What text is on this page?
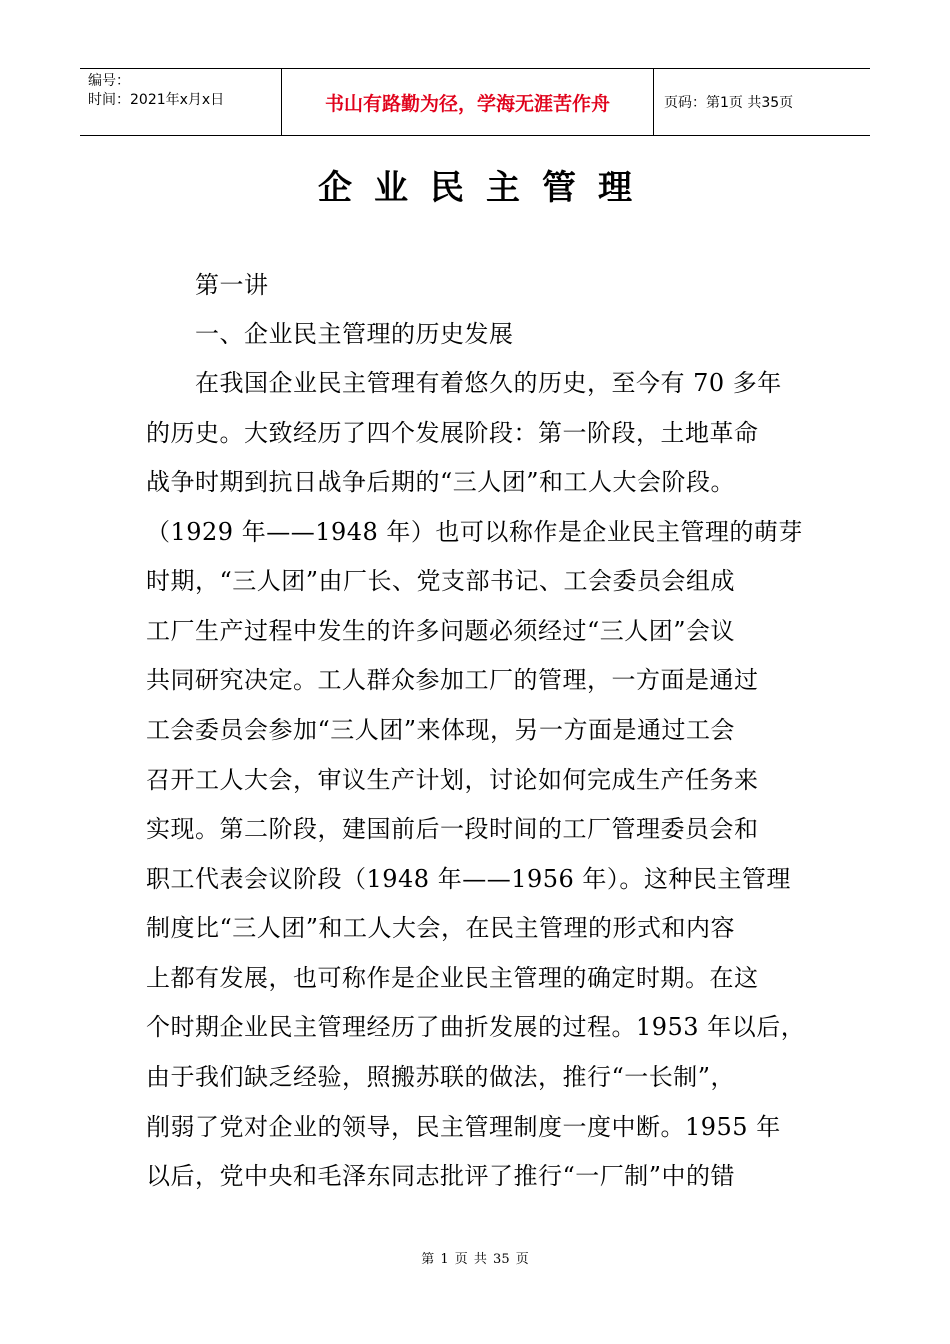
编号：
时间：2021年x月x日	书山有路勤为径，学海无涯苦作舟	页码：第1页 共35页
企业民主管理
第一讲
一、企业民主管理的历史发展
在我国企业民主管理有着悠久的历史，至今有 70 多年
的历史。大致经历了四个发展阶段：第一阶段，土地革命
战争时期到抗日战争后期的“三人团”和工人大会阶段。
（1929 年——1948 年）也可以称作是企业民主管理的萌芽
时期，“三人团”由厂长、党支部书记、工会委员会组成
工厂生产过程中发生的许多问题必须经过“三人团”会议
共同研究决定。工人群众参加工厂的管理，一方面是通过
工会委员会参加“三人团”来体现，另一方面是通过工会
召开工人大会，审议生产计划，讨论如何完成生产任务来
实现。第二阶段，建国前后一段时间的工厂管理委员会和
职工代表会议阶段（1948 年——1956 年）。这种民主管理
制度比“三人团”和工人大会，在民主管理的形式和内容
上都有发展，也可称作是企业民主管理的确定时期。在这
个时期企业民主管理经历了曲折发展的过程。1953 年以后，
由于我们缺乏经验，照搬苏联的做法，推行“一长制”，
削弱了党对企业的领导，民主管理制度一度中断。1955 年
以后，党中央和毛泽东同志批评了推行“一厂制”中的错
第 1 页 共 35 页
